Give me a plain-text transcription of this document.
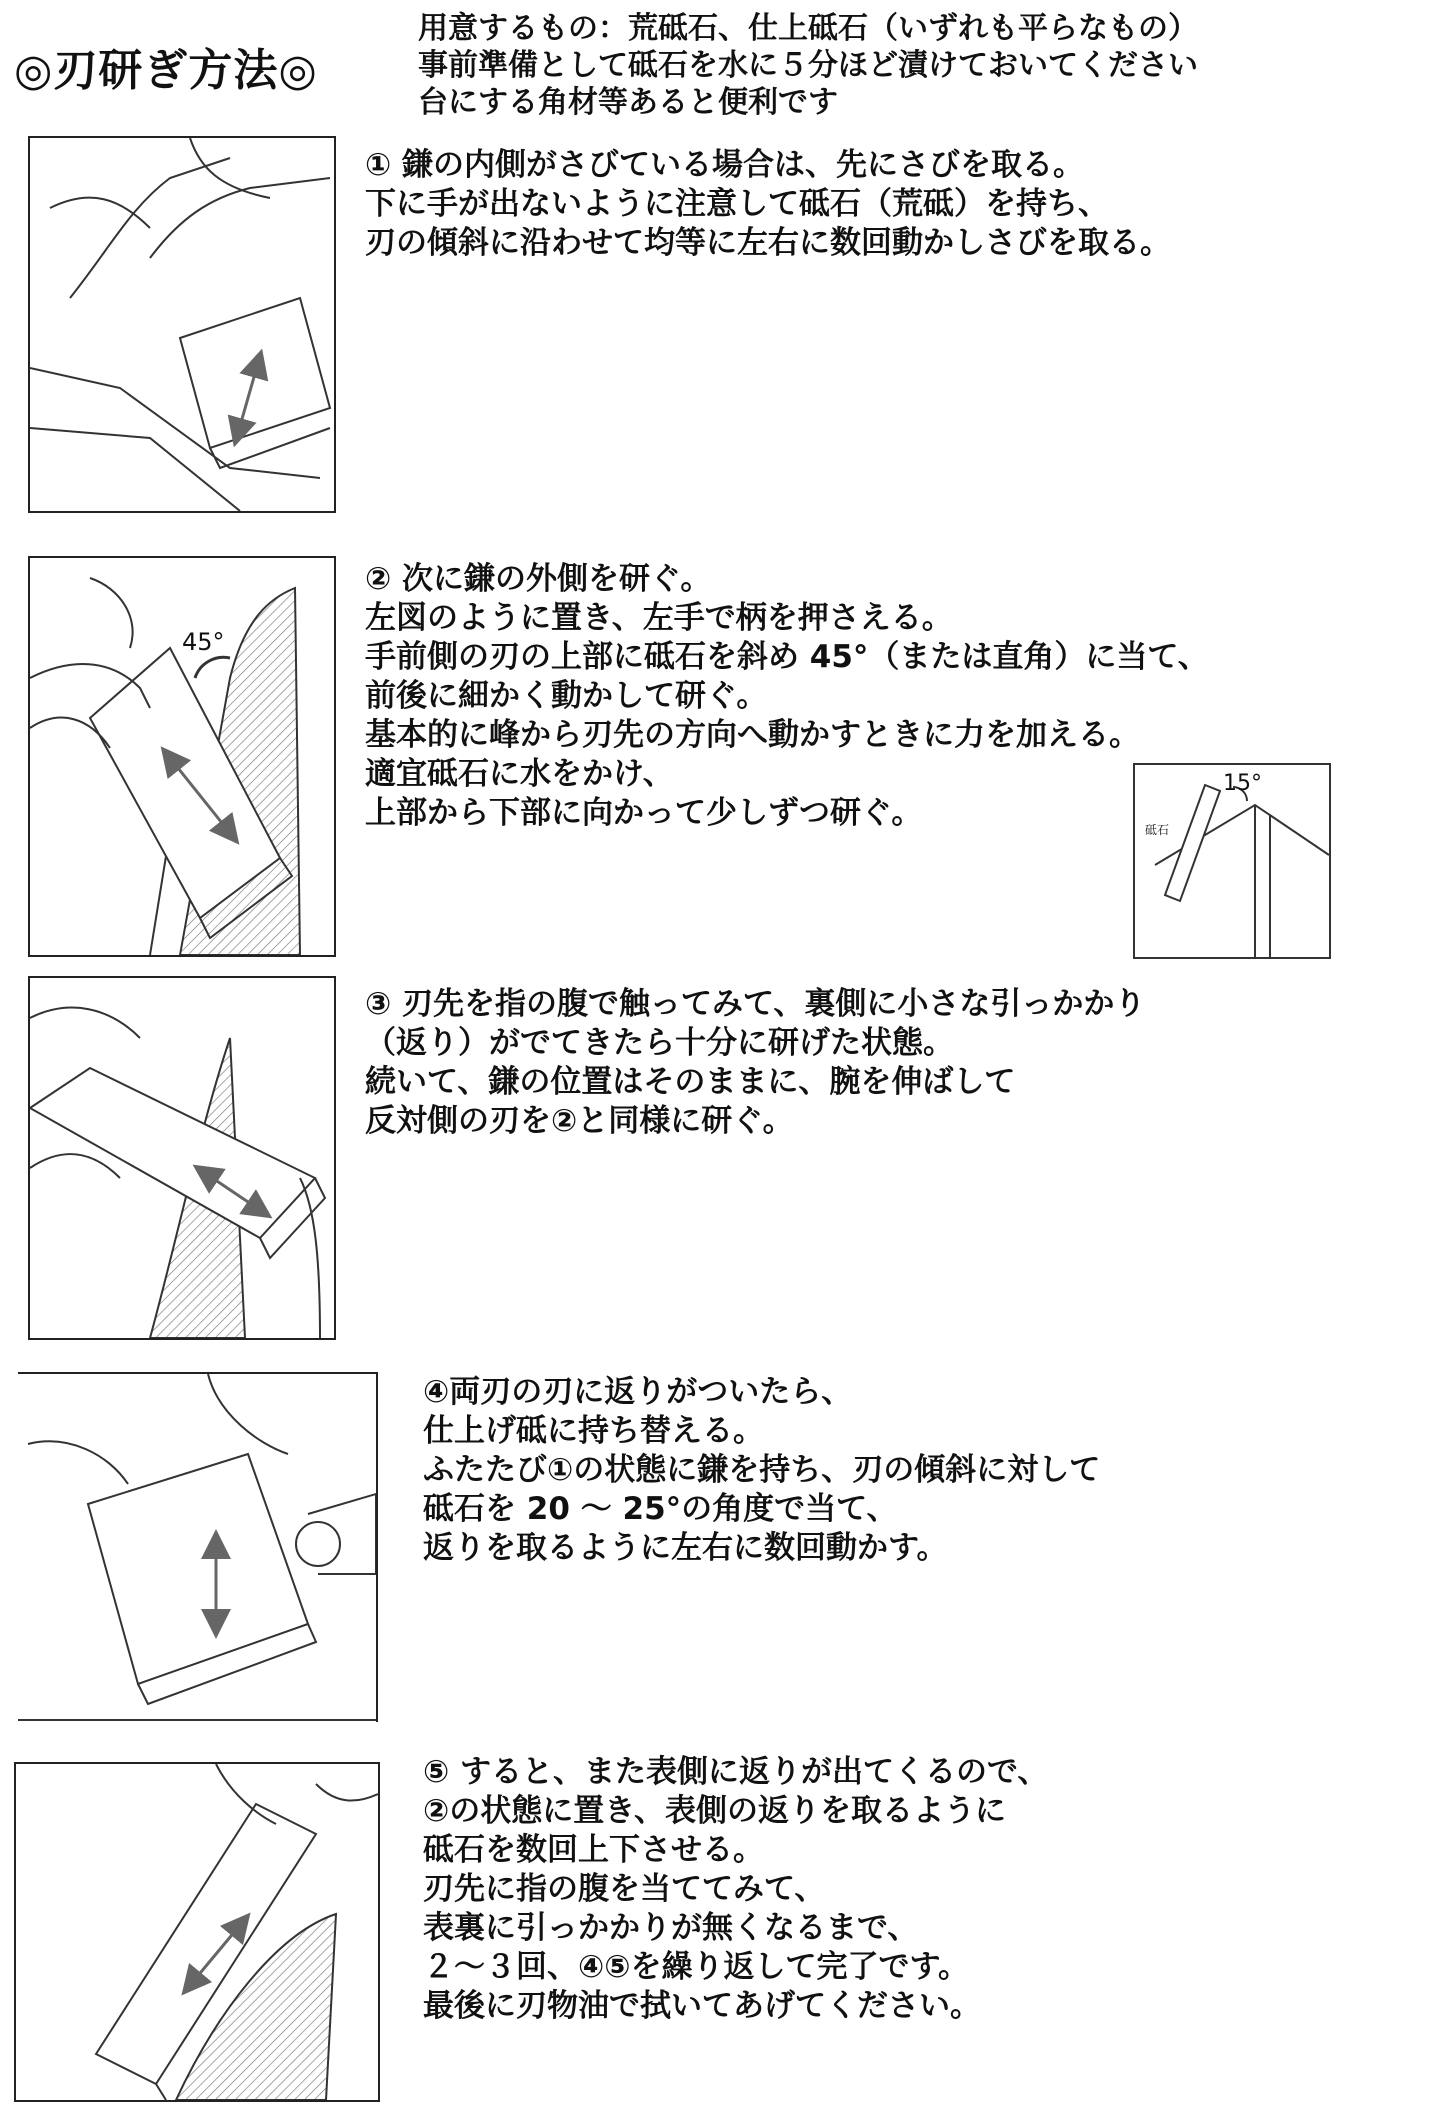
◎刃研ぎ方法◎
用意するもの：荒砥石、仕上砥石（いずれも平らなもの）
事前準備として砥石を水に５分ほど漬けておいてください
台にする角材等あると便利です
① 鎌の内側がさびている場合は、先にさびを取る。
下に手が出ないように注意して砥石（荒砥）を持ち、
刃の傾斜に沿わせて均等に左右に数回動かしさびを取る。
45°
② 次に鎌の外側を研ぐ。
左図のように置き、左手で柄を押さえる。
手前側の刃の上部に砥石を斜め 45°（または直角）に当て、
前後に細かく動かして研ぐ。
基本的に峰から刃先の方向へ動かすときに力を加える。
適宜砥石に水をかけ、
上部から下部に向かって少しずつ研ぐ。
15°
砥石
③ 刃先を指の腹で触ってみて、裏側に小さな引っかかり
（返り）がでてきたら十分に研げた状態。
続いて、鎌の位置はそのままに、腕を伸ばして
反対側の刃を②と同様に研ぐ。
④両刃の刃に返りがついたら、
仕上げ砥に持ち替える。
ふたたび①の状態に鎌を持ち、刃の傾斜に対して
砥石を 20 ～ 25°の角度で当て、
返りを取るように左右に数回動かす。
⑤ すると、また表側に返りが出てくるので、
②の状態に置き、表側の返りを取るように
砥石を数回上下させる。
刃先に指の腹を当ててみて、
表裏に引っかかりが無くなるまで、
２～３回、④⑤を繰り返して完了です。
最後に刃物油で拭いてあげてください。
